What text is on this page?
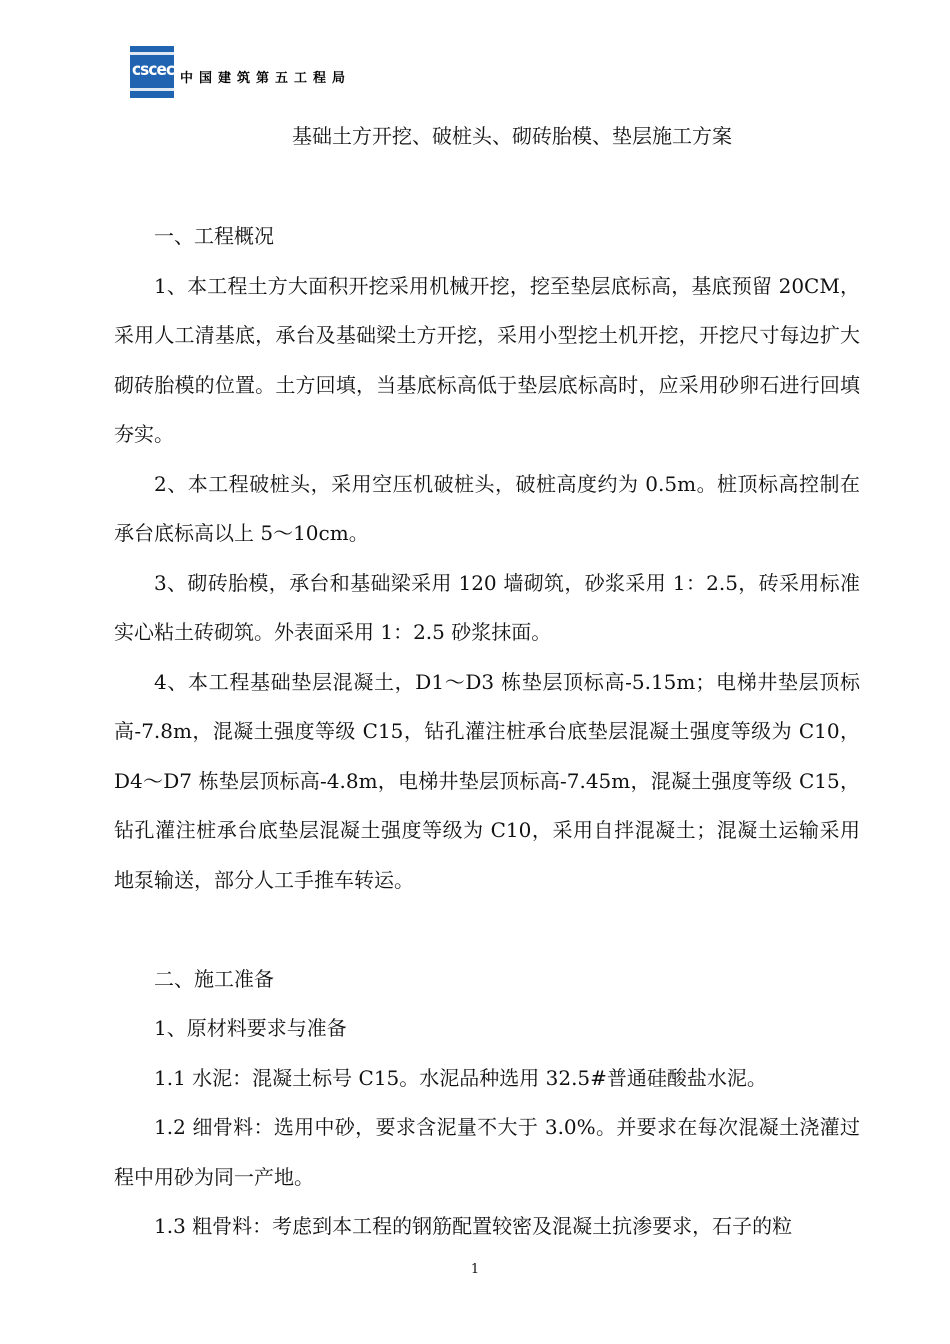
cscec 中国建筑第五工程局
基础土方开挖、破桩头、砌砖胎模、垫层施工方案

一、工程概况

1、本工程土方大面积开挖采用机械开挖，挖至垫层底标高，基底预留 20CM，采用人工清基底，承台及基础梁土方开挖，采用小型挖土机开挖，开挖尺寸每边扩大砌砖胎模的位置。土方回填，当基底标高低于垫层底标高时，应采用砂卵石进行回填夯实。

2、本工程破桩头，采用空压机破桩头，破桩高度约为 0.5m。桩顶标高控制在承台底标高以上 5～10cm。

3、砌砖胎模，承台和基础梁采用 120 墙砌筑，砂浆采用 1：2.5，砖采用标准实心粘土砖砌筑。外表面采用 1：2.5 砂浆抹面。

4、本工程基础垫层混凝土，D1～D3 栋垫层顶标高-5.15m；电梯井垫层顶标高-7.8m，混凝土强度等级 C15，钻孔灌注桩承台底垫层混凝土强度等级为 C10，D4～D7 栋垫层顶标高-4.8m，电梯井垫层顶标高-7.45m，混凝土强度等级 C15，钻孔灌注桩承台底垫层混凝土强度等级为 C10，采用自拌混凝土；混凝土运输采用地泵输送，部分人工手推车转运。

二、施工准备

1、原材料要求与准备

1.1 水泥：混凝土标号 C15。水泥品种选用 32.5#普通硅酸盐水泥。

1.2 细骨料：选用中砂，要求含泥量不大于 3.0%。并要求在每次混凝土浇灌过程中用砂为同一产地。

1.3 粗骨料：考虑到本工程的钢筋配置较密及混凝土抗渗要求，石子的粒

1
